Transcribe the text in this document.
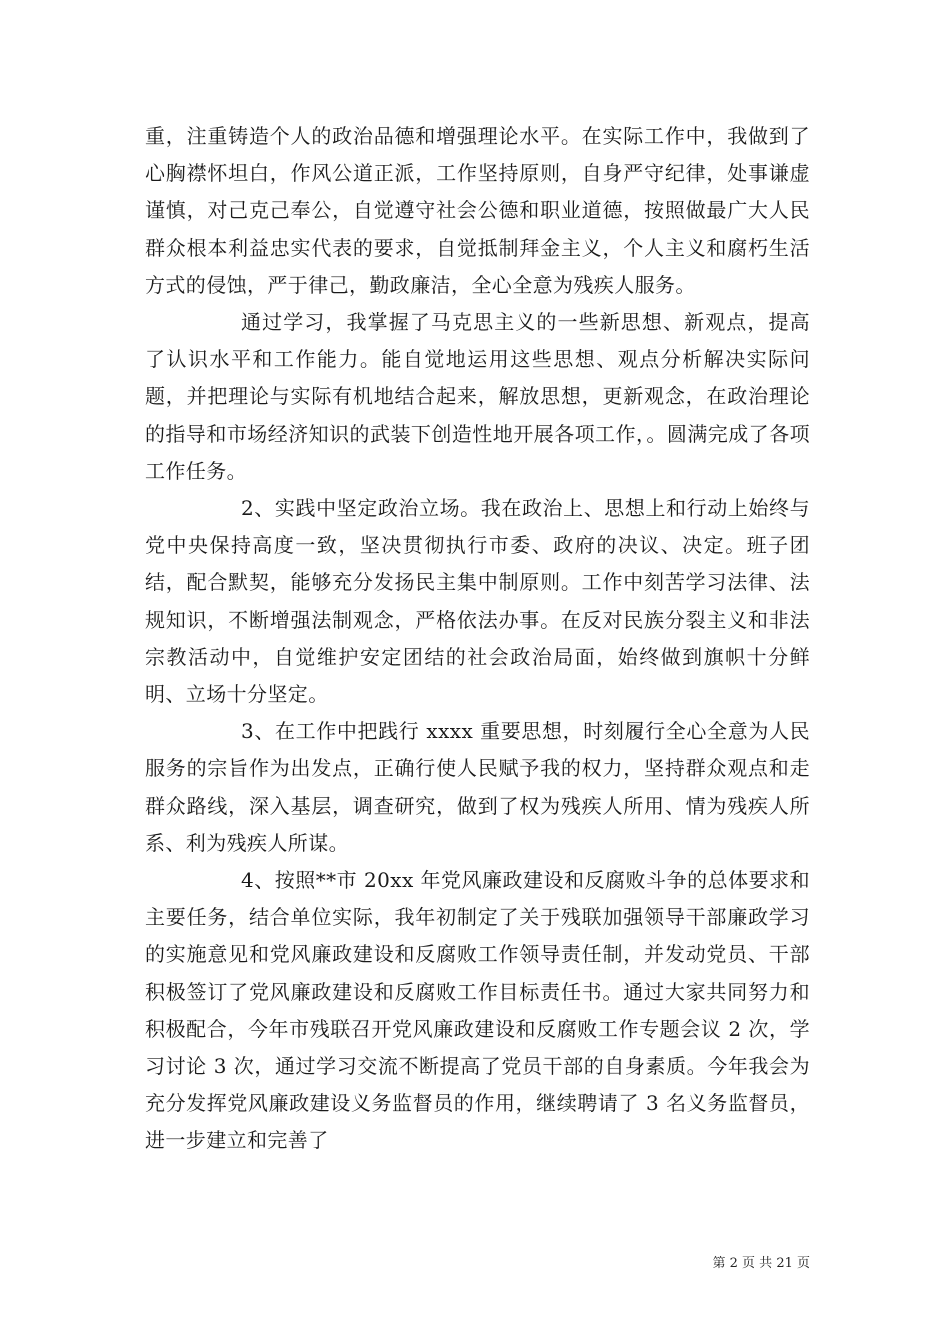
重，注重铸造个人的政治品德和增强理论水平。在实际工作中，我做到了心胸襟怀坦白，作风公道正派，工作坚持原则，自身严守纪律，处事谦虚谨慎，对己克己奉公，自觉遵守社会公德和职业道德，按照做最广大人民群众根本利益忠实代表的要求，自觉抵制拜金主义，个人主义和腐朽生活方式的侵蚀，严于律己，勤政廉洁，全心全意为残疾人服务。

通过学习，我掌握了马克思主义的一些新思想、新观点，提高了认识水平和工作能力。能自觉地运用这些思想、观点分析解决实际问题，并把理论与实际有机地结合起来，解放思想，更新观念，在政治理论的指导和市场经济知识的武装下创造性地开展各项工作，。圆满完成了各项工作任务。

2、实践中坚定政治立场。我在政治上、思想上和行动上始终与党中央保持高度一致，坚决贯彻执行市委、政府的决议、决定。班子团结，配合默契，能够充分发扬民主集中制原则。工作中刻苦学习法律、法规知识，不断增强法制观念，严格依法办事。在反对民族分裂主义和非法宗教活动中，自觉维护安定团结的社会政治局面，始终做到旗帜十分鲜明、立场十分坚定。

3、在工作中把践行 xxxx 重要思想，时刻履行全心全意为人民服务的宗旨作为出发点，正确行使人民赋予我的权力，坚持群众观点和走群众路线，深入基层，调查研究，做到了权为残疾人所用、情为残疾人所系、利为残疾人所谋。

4、按照**市 20xx 年党风廉政建设和反腐败斗争的总体要求和主要任务，结合单位实际，我年初制定了关于残联加强领导干部廉政学习的实施意见和党风廉政建设和反腐败工作领导责任制，并发动党员、干部积极签订了党风廉政建设和反腐败工作目标责任书。通过大家共同努力和积极配合，今年市残联召开党风廉政建设和反腐败工作专题会议 2 次，学习讨论 3 次，通过学习交流不断提高了党员干部的自身素质。今年我会为充分发挥党风廉政建设义务监督员的作用，继续聘请了 3 名义务监督员，进一步建立和完善了

第 2 页 共 21 页
